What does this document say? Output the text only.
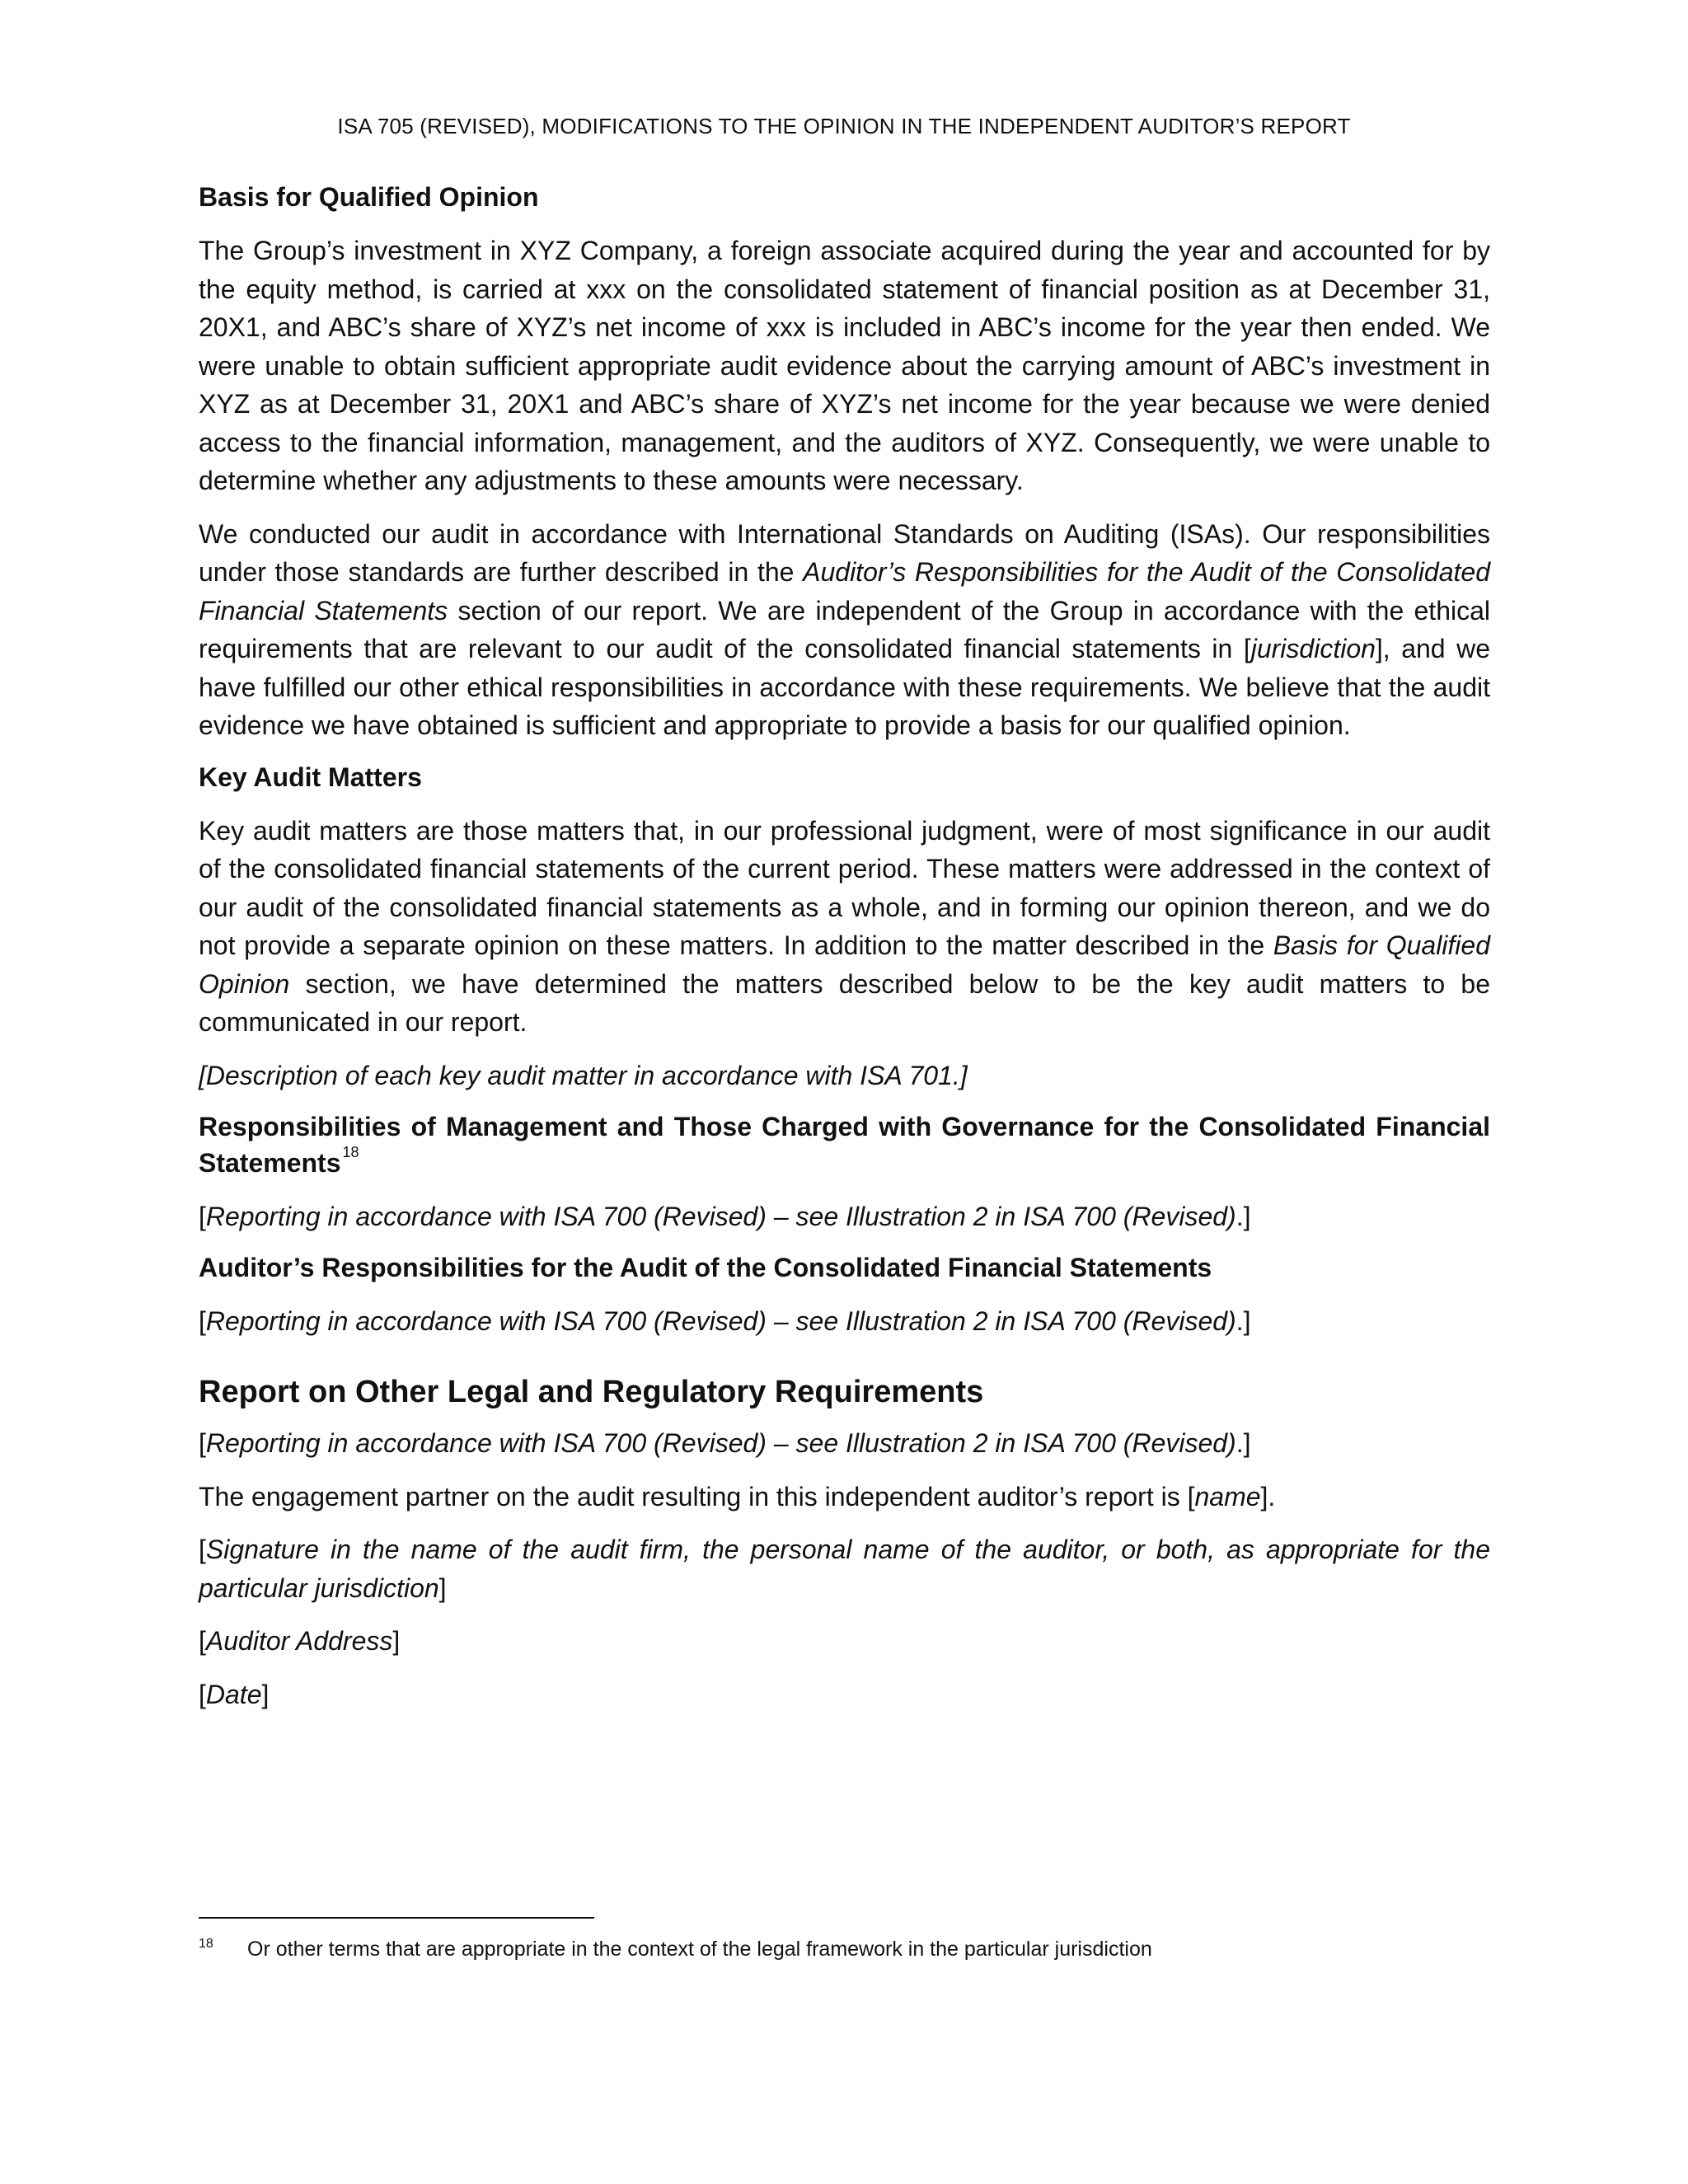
ISA 705 (REVISED), MODIFICATIONS TO THE OPINION IN THE INDEPENDENT AUDITOR’S REPORT
Basis for Qualified Opinion

The Group’s investment in XYZ Company, a foreign associate acquired during the year and accounted for by the equity method, is carried at xxx on the consolidated statement of financial position as at December 31, 20X1, and ABC’s share of XYZ’s net income of xxx is included in ABC’s income for the year then ended. We were unable to obtain sufficient appropriate audit evidence about the carrying amount of ABC’s investment in XYZ as at December 31, 20X1 and ABC’s share of XYZ’s net income for the year because we were denied access to the financial information, management, and the auditors of XYZ. Consequently, we were unable to determine whether any adjustments to these amounts were necessary.

We conducted our audit in accordance with International Standards on Auditing (ISAs). Our responsibilities under those standards are further described in the Auditor’s Responsibilities for the Audit of the Consolidated Financial Statements section of our report. We are independent of the Group in accordance with the ethical requirements that are relevant to our audit of the consolidated financial statements in [jurisdiction], and we have fulfilled our other ethical responsibilities in accordance with these requirements. We believe that the audit evidence we have obtained is sufficient and appropriate to provide a basis for our qualified opinion.

Key Audit Matters

Key audit matters are those matters that, in our professional judgment, were of most significance in our audit of the consolidated financial statements of the current period. These matters were addressed in the context of our audit of the consolidated financial statements as a whole, and in forming our opinion thereon, and we do not provide a separate opinion on these matters. In addition to the matter described in the Basis for Qualified Opinion section, we have determined the matters described below to be the key audit matters to be communicated in our report.

[Description of each key audit matter in accordance with ISA 701.]

Responsibilities of Management and Those Charged with Governance for the Consolidated Financial Statements $^{18}$

[Reporting in accordance with ISA 700 (Revised) – see Illustration 2 in ISA 700 (Revised).]

Auditor’s Responsibilities for the Audit of the Consolidated Financial Statements

[Reporting in accordance with ISA 700 (Revised) – see Illustration 2 in ISA 700 (Revised).]

Report on Other Legal and Regulatory Requirements

[Reporting in accordance with ISA 700 (Revised) – see Illustration 2 in ISA 700 (Revised).]

The engagement partner on the audit resulting in this independent auditor’s report is [name].

[Signature in the name of the audit firm, the personal name of the auditor, or both, as appropriate for the particular jurisdiction]

[Auditor Address]

[Date]

18 Or other terms that are appropriate in the context of the legal framework in the particular jurisdiction
